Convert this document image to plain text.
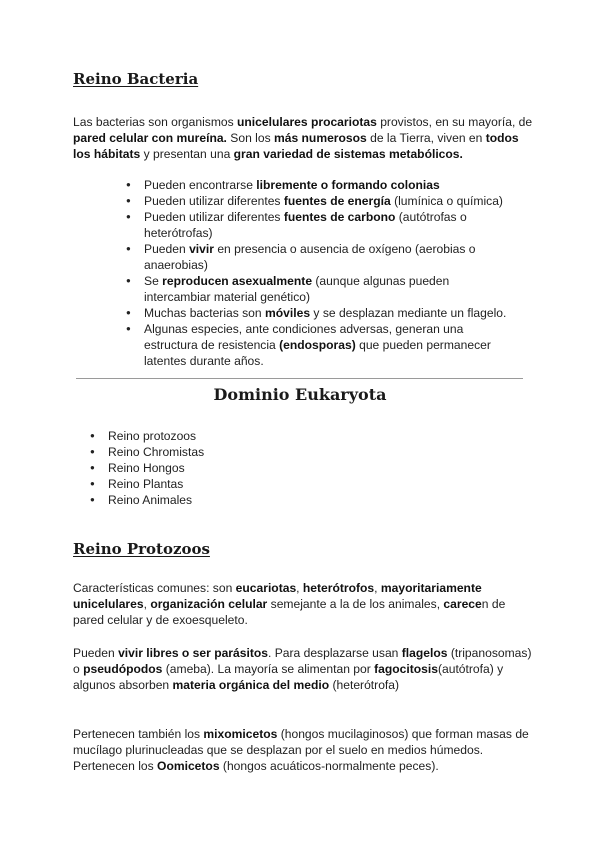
Reino Bacteria

Las bacterias son organismos unicelulares procariotas provistos, en su mayoría, de pared celular con mureína. Son los más numerosos de la Tierra, viven en todos los hábitats y presentan una gran variedad de sistemas metabólicos.

● Pueden encontrarse libremente o formando colonias
● Pueden utilizar diferentes fuentes de energía (lumínica o química)
● Pueden utilizar diferentes fuentes de carbono (autótrofas o heterótrofas)
● Pueden vivir en presencia o ausencia de oxígeno (aerobias o anaerobias)
● Se reproducen asexualmente (aunque algunas pueden intercambiar material genético)
● Muchas bacterias son móviles y se desplazan mediante un flagelo.
● Algunas especies, ante condiciones adversas, generan una estructura de resistencia (endosporas) que pueden permanecer latentes durante años.
Dominio Eukaryota
● Reino protozoos
● Reino Chromistas
● Reino Hongos
● Reino Plantas
● Reino Animales
Reino Protozoos

Características comunes: son eucariotas, heterótrofos, mayoritariamente unicelulares, organización celular semejante a la de los animales, carecen de pared celular y de exoesqueleto.

Pueden vivir libres o ser parásitos. Para desplazarse usan flagelos (tripanosomas) o pseudópodos (ameba). La mayoría se alimentan por fagocitosis(autótrofa) y algunos absorben materia orgánica del medio (heterótrofa)

Pertenecen también los mixomicetos (hongos mucilaginosos) que forman masas de mucílago plurinucleadas que se desplazan por el suelo en medios húmedos. Pertenecen los Oomicetos (hongos acuáticos-normalmente peces).
